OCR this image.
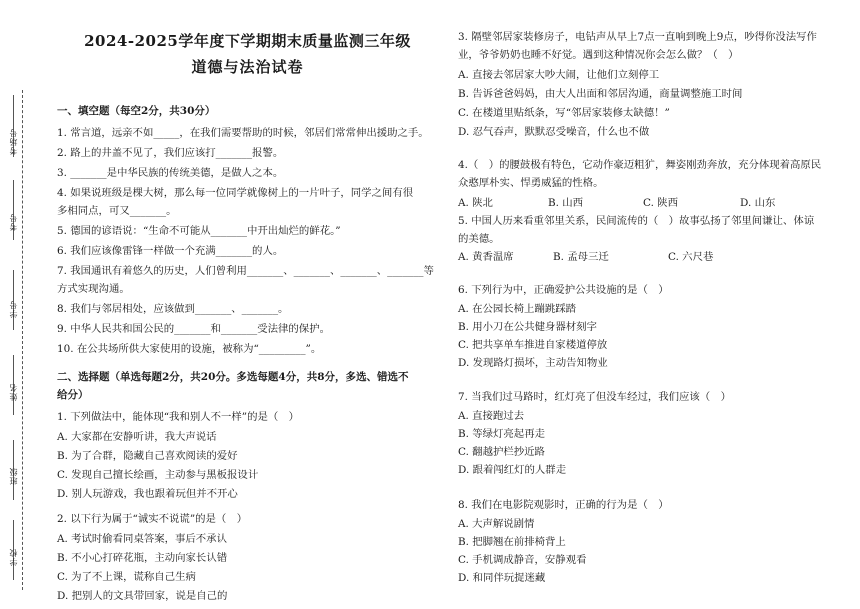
考场号
考号
学号
姓名
班级
学校
2024-2025学年度下学期期末质量监测三年级
道德与法治试卷
一、填空题（每空2分，共30分）
1. 常言道，远亲不如_____，在我们需要帮助的时候，邻居们常常伸出援助之手。
2. 路上的井盖不见了，我们应该打_______报警。
3. _______是中华民族的传统美德，是做人之本。
4. 如果说班级是棵大树，那么每一位同学就像树上的一片叶子，同学之间有很
多相同点，可又_______。
5. 德国的谚语说：“生命不可能从_______中开出灿烂的鲜花。”
6. 我们应该像雷锋一样做一个充满_______的人。
7. 我国通讯有着悠久的历史，人们曾利用_______、_______、_______、_______等
方式实现沟通。
8. 我们与邻居相处，应该做到_______、_______。
9. 中华人民共和国公民的_______和_______受法律的保护。
10. 在公共场所供大家使用的设施，被称为“_________”。
二、选择题（单选每题2分，共20分。多选每题4分，共8分，多选、错选不
给分）
1. 下列做法中，能体现“我和别人不一样”的是（　）
A. 大家都在安静听讲，我大声说话
B. 为了合群，隐藏自己喜欢阅读的爱好
C. 发现自己擅长绘画，主动参与黑板报设计
D. 别人玩游戏，我也跟着玩但并不开心
2. 以下行为属于“诚实不说谎”的是（　）
A. 考试时偷看同桌答案，事后不承认
B. 不小心打碎花瓶，主动向家长认错
C. 为了不上课，谎称自己生病
D. 把别人的文具带回家，说是自己的
3. 隔壁邻居家装修房子，电钻声从早上7点一直响到晚上9点，吵得你没法写作
业，爷爷奶奶也睡不好觉。遇到这种情况你会怎么做？（　）
A. 直接去邻居家大吵大闹，让他们立刻停工
B. 告诉爸爸妈妈，由大人出面和邻居沟通，商量调整施工时间
C. 在楼道里贴纸条，写“邻居家装修太缺德！”
D. 忍气吞声，默默忍受噪音，什么也不做
4.（　）的腰鼓极有特色，它动作豪迈粗犷，舞姿刚劲奔放，充分体现着高原民
众憨厚朴实、悍勇威猛的性格。
A. 陕北	B. 山西	C. 陕西	D. 山东
5. 中国人历来看重邻里关系，民间流传的（　）故事弘扬了邻里间谦让、体谅
的美德。
A. 黄香温席	B. 孟母三迁	C. 六尺巷
6. 下列行为中，正确爱护公共设施的是（　）
A. 在公园长椅上蹦跳踩踏
B. 用小刀在公共健身器材刻字
C. 把共享单车推进自家楼道停放
D. 发现路灯损坏，主动告知物业
7. 当我们过马路时，红灯亮了但没车经过，我们应该（　）
A. 直接跑过去
B. 等绿灯亮起再走
C. 翻越护栏抄近路
D. 跟着闯红灯的人群走
8. 我们在电影院观影时，正确的行为是（　）
A. 大声解说剧情
B. 把脚翘在前排椅背上
C. 手机调成静音，安静观看
D. 和同伴玩捉迷藏
